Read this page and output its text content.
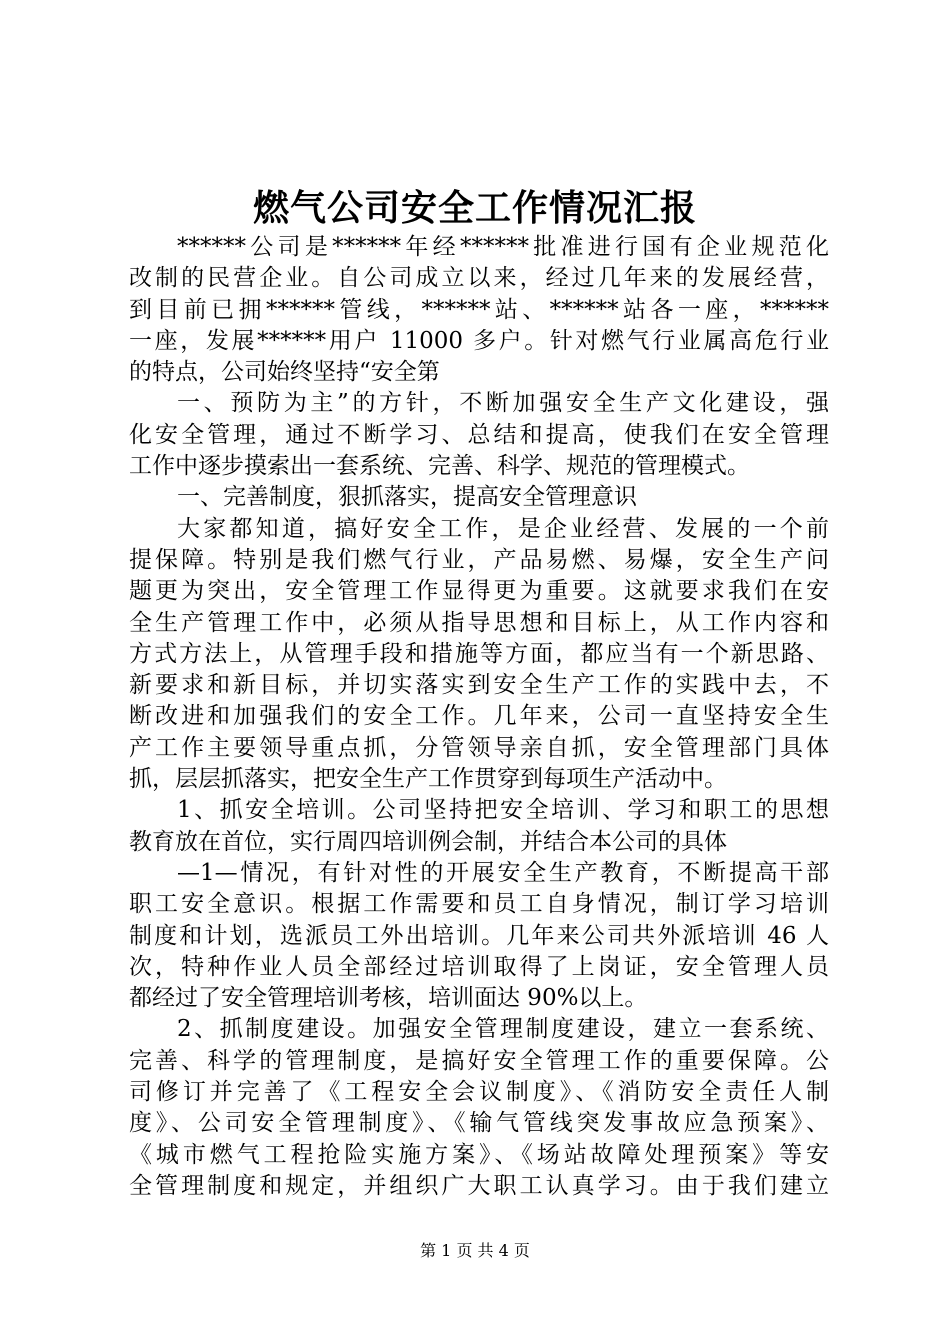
燃气公司安全工作情况汇报
******公司是******年经******批准进行国有企业规范化
改制的民营企业。自公司成立以来，经过几年来的发展经营，
到目前已拥******管线，******站、******站各一座，******
一座，发展******用户 11000 多户。针对燃气行业属高危行业
的特点，公司始终坚持“安全第
一、预防为主”的方针，不断加强安全生产文化建设，强
化安全管理，通过不断学习、总结和提高，使我们在安全管理
工作中逐步摸索出一套系统、完善、科学、规范的管理模式。
一、完善制度，狠抓落实，提高安全管理意识
大家都知道，搞好安全工作，是企业经营、发展的一个前
提保障。特别是我们燃气行业，产品易燃、易爆，安全生产问
题更为突出，安全管理工作显得更为重要。这就要求我们在安
全生产管理工作中，必须从指导思想和目标上，从工作内容和
方式方法上，从管理手段和措施等方面，都应当有一个新思路、
新要求和新目标，并切实落实到安全生产工作的实践中去，不
断改进和加强我们的安全工作。几年来，公司一直坚持安全生
产工作主要领导重点抓，分管领导亲自抓，安全管理部门具体
抓，层层抓落实，把安全生产工作贯穿到每项生产活动中。
1、抓安全培训。公司坚持把安全培训、学习和职工的思想
教育放在首位，实行周四培训例会制，并结合本公司的具体
—1—情况，有针对性的开展安全生产教育，不断提高干部
职工安全意识。根据工作需要和员工自身情况，制订学习培训
制度和计划，选派员工外出培训。几年来公司共外派培训 46 人
次，特种作业人员全部经过培训取得了上岗证，安全管理人员
都经过了安全管理培训考核，培训面达 90%以上。
2、抓制度建设。加强安全管理制度建设，建立一套系统、
完善、科学的管理制度，是搞好安全管理工作的重要保障。公
司修订并完善了《工程安全会议制度》、《消防安全责任人制
度》、公司安全管理制度》、《输气管线突发事故应急预案》、
《城市燃气工程抢险实施方案》、《场站故障处理预案》等安
全管理制度和规定，并组织广大职工认真学习。由于我们建立
第 1 页 共 4 页
